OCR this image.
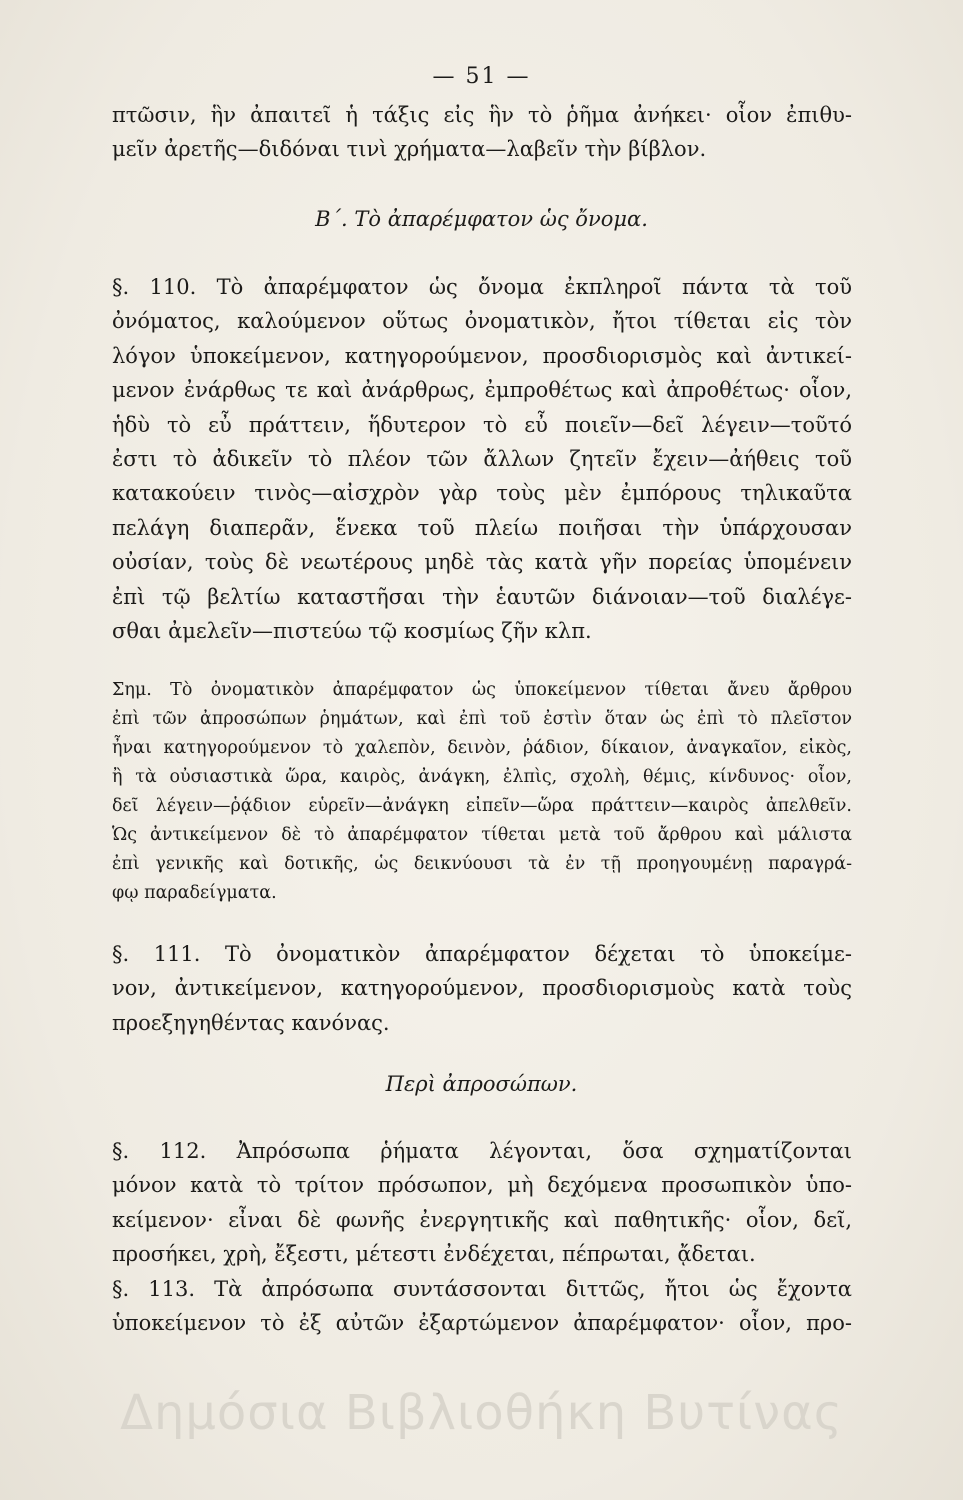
— 51 —
πτῶσιν, ἣν ἀπαιτεῖ ἡ τάξις εἰς ἣν τὸ ῥῆμα ἀνήκει· οἷον ἐπιθυ-
μεῖν ἀρετῆς—διδόναι τινὶ χρήματα—λαβεῖν τὴν βίβλον.
Β΄. Τὸ ἀπαρέμφατον ὡς ὄνομα.
§. 110. Τὸ ἀπαρέμφατον ὡς ὄνομα ἐκπληροῖ πάντα τὰ τοῦ
ὀνόματος, καλούμενον οὕτως ὀνοματικὸν, ἤτοι τίθεται εἰς τὸν
λόγον ὑποκείμενον, κατηγορούμενον, προσδιορισμὸς καὶ ἀντικεί-
μενον ἐνάρθως τε καὶ ἀνάρθρως, ἐμπροθέτως καὶ ἀπροθέτως· οἷον,
ἡδὺ τὸ εὖ πράττειν, ἥδυτερον τὸ εὖ ποιεῖν—δεῖ λέγειν—τοῦτό
ἐστι τὸ ἀδικεῖν τὸ πλέον τῶν ἄλλων ζητεῖν ἔχειν—ἀήθεις τοῦ
κατακούειν τινὸς—αἰσχρὸν γὰρ τοὺς μὲν ἐμπόρους τηλικαῦτα
πελάγη διαπερᾶν, ἕνεκα τοῦ πλείω ποιῆσαι τὴν ὑπάρχουσαν
οὐσίαν, τοὺς δὲ νεωτέρους μηδὲ τὰς κατὰ γῆν πορείας ὑπομένειν
ἐπὶ τῷ βελτίω καταστῆσαι τὴν ἑαυτῶν διάνοιαν—τοῦ διαλέγε-
σθαι ἀμελεῖν—πιστεύω τῷ κοσμίως ζῆν κλπ.
Σημ. Τὸ ὀνοματικὸν ἀπαρέμφατον ὡς ὑποκείμενον τίθεται ἄνευ ἄρθρου
ἐπὶ τῶν ἀπροσώπων ῥημάτων, καὶ ἐπὶ τοῦ ἐστὶν ὅταν ὡς ἐπὶ τὸ πλεῖστον
ἦναι κατηγορούμενον τὸ χαλεπὸν, δεινὸν, ῥάδιον, δίκαιον, ἀναγκαῖον, εἰκὸς,
ἢ τὰ οὐσιαστικὰ ὥρα, καιρὸς, ἀνάγκη, ἐλπὶς, σχολὴ, θέμις, κίνδυνος· οἷον,
δεῖ λέγειν—ῥᾴδιον εὑρεῖν—ἀνάγκη εἰπεῖν—ὥρα πράττειν—καιρὸς ἀπελθεῖν.
Ὡς ἀντικείμενον δὲ τὸ ἀπαρέμφατον τίθεται μετὰ τοῦ ἄρθρου καὶ μάλιστα
ἐπὶ γενικῆς καὶ δοτικῆς, ὡς δεικνύουσι τὰ ἐν τῇ προηγουμένῃ παραγρά-
φῳ παραδείγματα.
§. 111. Τὸ ὀνοματικὸν ἀπαρέμφατον δέχεται τὸ ὑποκείμε-
νον, ἀντικείμενον, κατηγορούμενον, προσδιορισμοὺς κατὰ τοὺς
προεξηγηθέντας κανόνας.
Περὶ ἀπροσώπων.
§. 112. Ἀπρόσωπα ῥήματα λέγονται, ὅσα σχηματίζονται
μόνον κατὰ τὸ τρίτον πρόσωπον, μὴ δεχόμενα προσωπικὸν ὑπο-
κείμενον· εἶναι δὲ φωνῆς ἐνεργητικῆς καὶ παθητικῆς· οἷον, δεῖ,
προσήκει, χρὴ, ἔξεστι, μέτεστι ἐνδέχεται, πέπρωται, ᾄδεται.
§. 113. Τὰ ἀπρόσωπα συντάσσονται διττῶς, ἤτοι ὡς ἔχοντα
ὑποκείμενον τὸ ἐξ αὐτῶν ἐξαρτώμενον ἀπαρέμφατον· οἷον, προ-
Δημόσια Βιβλιοθήκη Βυτίνας
